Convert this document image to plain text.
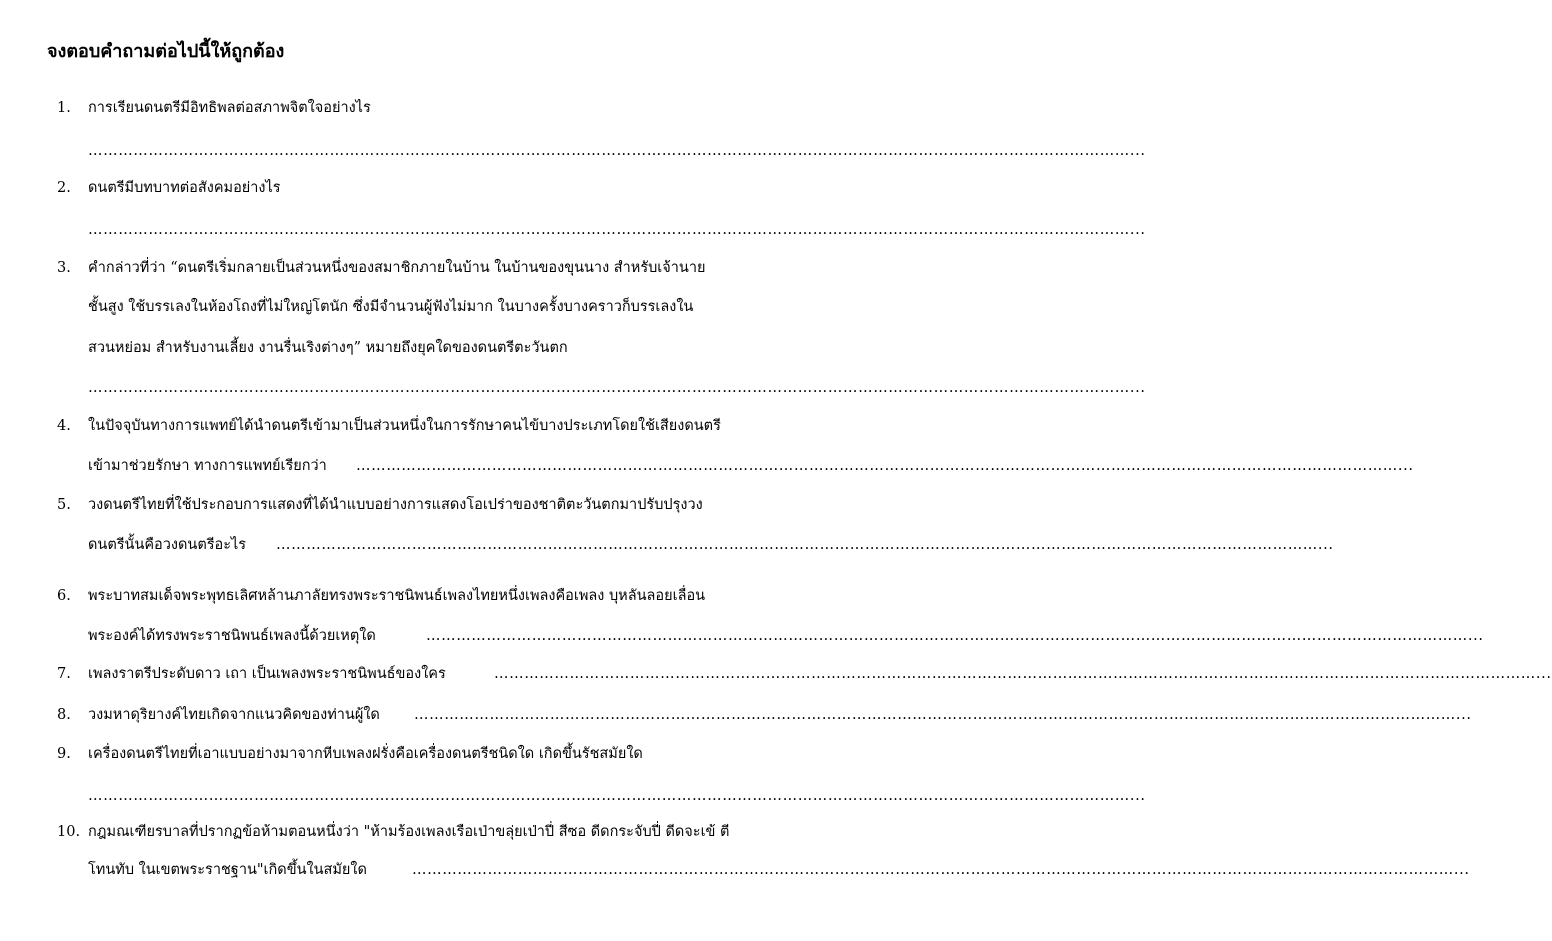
จงตอบคำถามต่อไปนี้ให้ถูกต้อง
1. การเรียนดนตรีมีอิทธิพลต่อสภาพจิตใจอย่างไร
………………………………………………………………………………………………………………………………………………………………………………………...
2. ดนตรีมีบทบาทต่อสังคมอย่างไร
………………………………………………………………………………………………………………………………………………………………………………………...
3. คำกล่าวที่ว่า “ดนตรีเริ่มกลายเป็นส่วนหนึ่งของสมาชิกภายในบ้าน ในบ้านของขุนนาง สำหรับเจ้านาย
ชั้นสูง ใช้บรรเลงในห้องโถงที่ไม่ใหญ่โตนัก ซึ่งมีจำนวนผู้ฟังไม่มาก ในบางครั้งบางคราวก็บรรเลงใน
สวนหย่อม สำหรับงานเลี้ยง งานรื่นเริงต่างๆ” หมายถึงยุคใดของดนตรีตะวันตก
………………………………………………………………………………………………………………………………………………………………………………………...
4. ในปัจจุบันทางการแพทย์ได้นำดนตรีเข้ามาเป็นส่วนหนึ่งในการรักษาคนไข้บางประเภทโดยใช้เสียงดนตรี
เข้ามาช่วยรักษา ทางการแพทย์เรียกว่า ………………………………………………………………………………………………………………………………………………………………………………………...
5. วงดนตรีไทยที่ใช้ประกอบการแสดงที่ได้นำแบบอย่างการแสดงโอเปร่าของชาติตะวันตกมาปรับปรุงวง
ดนตรีนั้นคือวงดนตรีอะไร ………………………………………………………………………………………………………………………………………………………………………………………...
6. พระบาทสมเด็จพระพุทธเลิศหล้านภาลัยทรงพระราชนิพนธ์เพลงไทยหนึ่งเพลงคือเพลง บุหลันลอยเลื่อน
พระองค์ได้ทรงพระราชนิพนธ์เพลงนี้ด้วยเหตุใด	………………………………………………………………………………………………………………………………………………………………………………………...
7. เพลงราตรีประดับดาว เถา เป็นเพลงพระราชนิพนธ์ของใคร	………………………………………………………………………………………………………………………………………………………………………………………...
8. วงมหาดุริยางค์ไทยเกิดจากแนวคิดของท่านผู้ใด ………………………………………………………………………………………………………………………………………………………………………………………...
9. เครื่องดนตรีไทยที่เอาแบบอย่างมาจากหีบเพลงฝรั่งคือเครื่องดนตรีชนิดใด เกิดขึ้นรัชสมัยใด
………………………………………………………………………………………………………………………………………………………………………………………...
10. กฎมณเฑียรบาลที่ปรากฏข้อห้ามตอนหนึ่งว่า "ห้ามร้องเพลงเรือเป่าขลุ่ยเป่าปี่ สีซอ ดีดกระจับปี่ ดีดจะเข้ ตี
โทนทับ ในเขตพระราชฐาน"เกิดขึ้นในสมัยใด	………………………………………………………………………………………………………………………………………………………………………………………...
